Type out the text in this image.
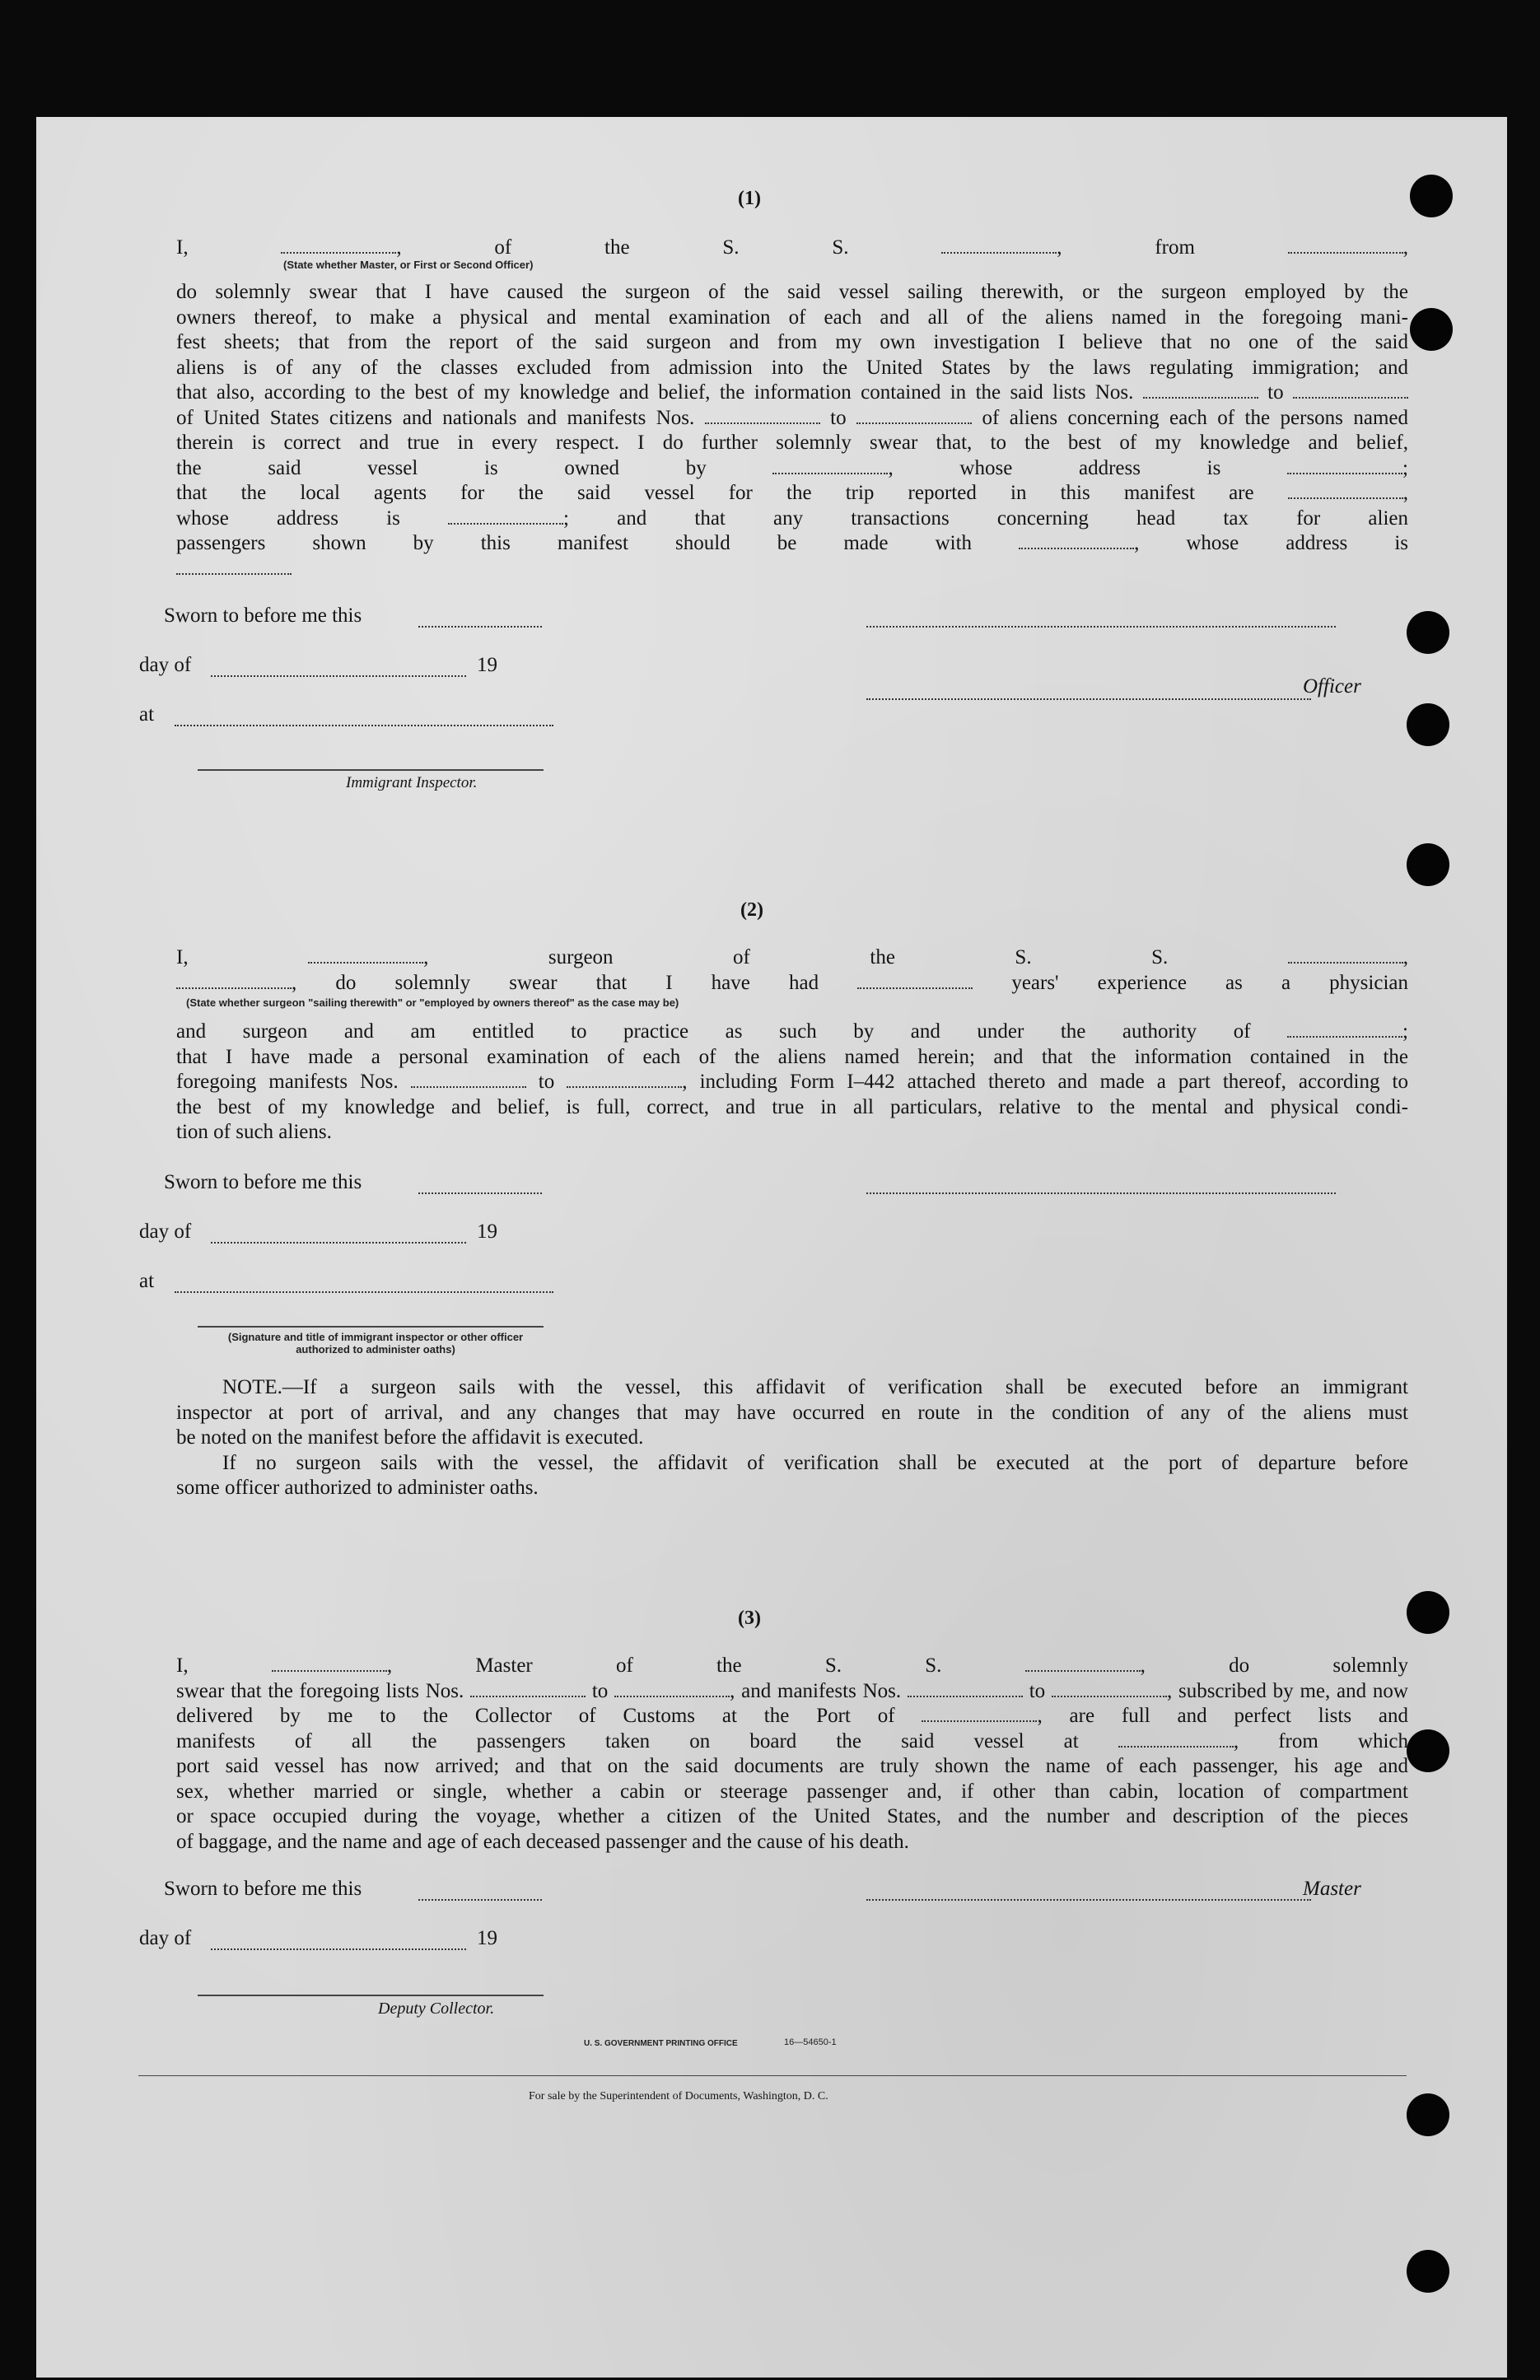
(1)

I,	, of the S. S.	, from	,

(State whether Master, or First or Second Officer)

do solemnly swear that I have caused the surgeon of the said vessel sailing therewith, or the surgeon employed by the

owners thereof, to make a physical and mental examination of each and all of the aliens named in the foregoing mani-

fest sheets; that from the report of the said surgeon and from my own investigation I believe that no one of the said

aliens is of any of the classes excluded from admission into the United States by the laws regulating immigration; and

that also, according to the best of my knowledge and belief, the information contained in the said lists Nos.	to

of United States citizens and nationals and manifests Nos.	to	of aliens concerning each of the persons named

therein is correct and true in every respect. I do further solemnly swear that, to the best of my knowledge and belief,

the said vessel is owned by	, whose address is	;

that the local agents for the said vessel for the trip reported in this manifest are	,

whose address is	; and that any transactions concerning head tax for alien

passengers shown by this manifest should be made with	, whose address is

Sworn to before me this
day of	19
at
Immigrant Inspector.
Officer
(2)

I,	, surgeon of the S. S.	,

, do solemnly swear that I have had	years' experience as a physician

(State whether surgeon "sailing therewith" or "employed by owners thereof" as the case may be)

and surgeon and am entitled to practice as such by and under the authority of	;

that I have made a personal examination of each of the aliens named herein; and that the information contained in the

foregoing manifests Nos.	to	, including Form I–442 attached thereto and made a part thereof, according to

the best of my knowledge and belief, is full, correct, and true in all particulars, relative to the mental and physical condi-

tion of such aliens.

Sworn to before me this
day of	19
at
(Signature and title of immigrant inspector or other officer authorized to administer oaths)

NOTE.—If a surgeon sails with the vessel, this affidavit of verification shall be executed before an immigrant

inspector at port of arrival, and any changes that may have occurred en route in the condition of any of the aliens must

be noted on the manifest before the affidavit is executed.

If no surgeon sails with the vessel, the affidavit of verification shall be executed at the port of departure before

some officer authorized to administer oaths.

(3)

I,	, Master of the S. S.	, do solemnly

swear that the foregoing lists Nos.	to	, and manifests Nos.	to	, subscribed by me, and now

delivered by me to the Collector of Customs at the Port of	, are full and perfect lists and

manifests of all the passengers taken on board the said vessel at	, from which

port said vessel has now arrived; and that on the said documents are truly shown the name of each passenger, his age and

sex, whether married or single, whether a cabin or steerage passenger and, if other than cabin, location of compartment

or space occupied during the voyage, whether a citizen of the United States, and the number and description of the pieces

of baggage, and the name and age of each deceased passenger and the cause of his death.

Sworn to before me this	Master
day of	19
Deputy Collector.
U. S. GOVERNMENT PRINTING OFFICE	16—54650-1
For sale by the Superintendent of Documents, Washington, D. C.
